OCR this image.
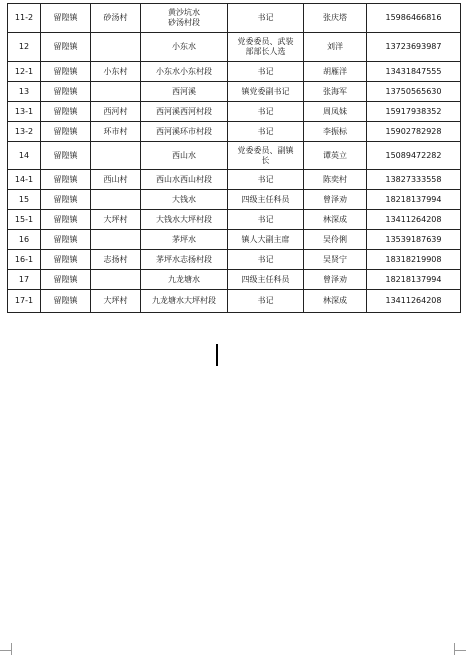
11-2	留隍镇	砂汤村	黄沙坑水
砂汤村段	书记	张庆塔	15986466816

12	留隍镇		小东水	党委委员、武装
部部长人选	刘洋	13723693987

12-1	留隍镇	小东村	小东水小东村段	书记	胡雁洋	13431847555

13	留隍镇		西河溪	镇党委副书记	张海军	13750565630

13-1	留隍镇	西河村	西河溪西河村段	书记	周凤妹	15917938352

13-2	留隍镇	环市村	西河溪环市村段	书记	李振标	15902782928

14	留隍镇		西山水	党委委员、副镇
长	谭英立	15089472282

14-1	留隍镇	西山村	西山水西山村段	书记	陈奕村	13827333558

15	留隍镇		大钱水	四级主任科员	曾泽劝	18218137994

15-1	留隍镇	大坪村	大钱水大坪村段	书记	林深成	13411264208

16	留隍镇		茅坪水	镇人大副主席	吴伶俐	13539187639

16-1	留隍镇	志扬村	茅坪水志扬村段	书记	吴贤宁	18318219908

17	留隍镇		九龙塘水	四级主任科员	曾泽劝	18218137994

17-1	留隍镇	大坪村	九龙塘水大坪村段	书记	林深成	13411264208
